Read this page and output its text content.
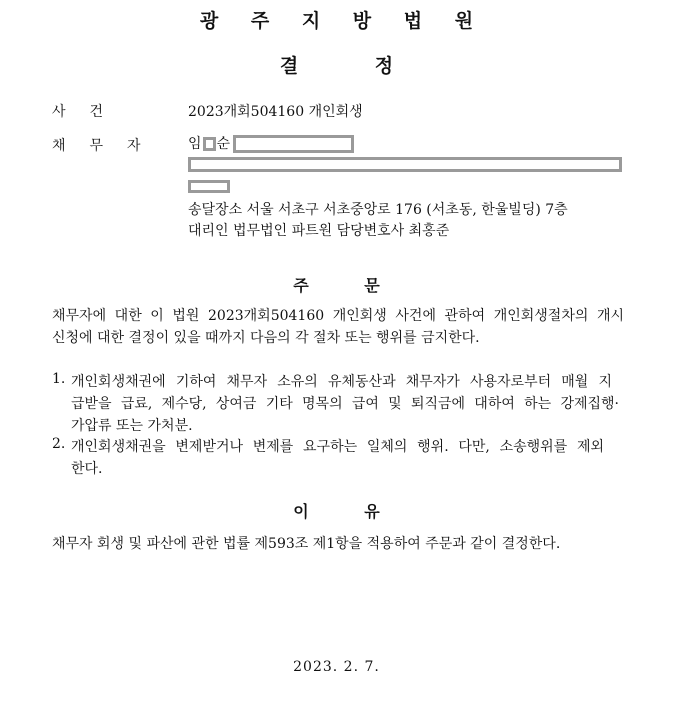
광 주 지 방 법 원
결 정
사건	2023개회504160 개인회생
채무자 임 순
송달장소 서울 서초구 서초중앙로 176 (서초동, 한울빌딩) 7층
대리인 법무법인 파트원 담당변호사 최홍준
주 문
채무자에 대한 이 법원 2023개회504160 개인회생 사건에 관하여 개인회생절차의 개시
신청에 대한 결정이 있을 때까지 다음의 각 절차 또는 행위를 금지한다.
1. 개인회생채권에 기하여 채무자 소유의 유체동산과 채무자가 사용자로부터 매월 지
급받을 급료, 제수당, 상여금 기타 명목의 급여 및 퇴직금에 대하여 하는 강제집행·
가압류 또는 가처분.
2. 개인회생채권을 변제받거나 변제를 요구하는 일체의 행위. 다만, 소송행위를 제외
한다.
이 유
채무자 회생 및 파산에 관한 법률 제593조 제1항을 적용하여 주문과 같이 결정한다.
2023. 2. 7.
